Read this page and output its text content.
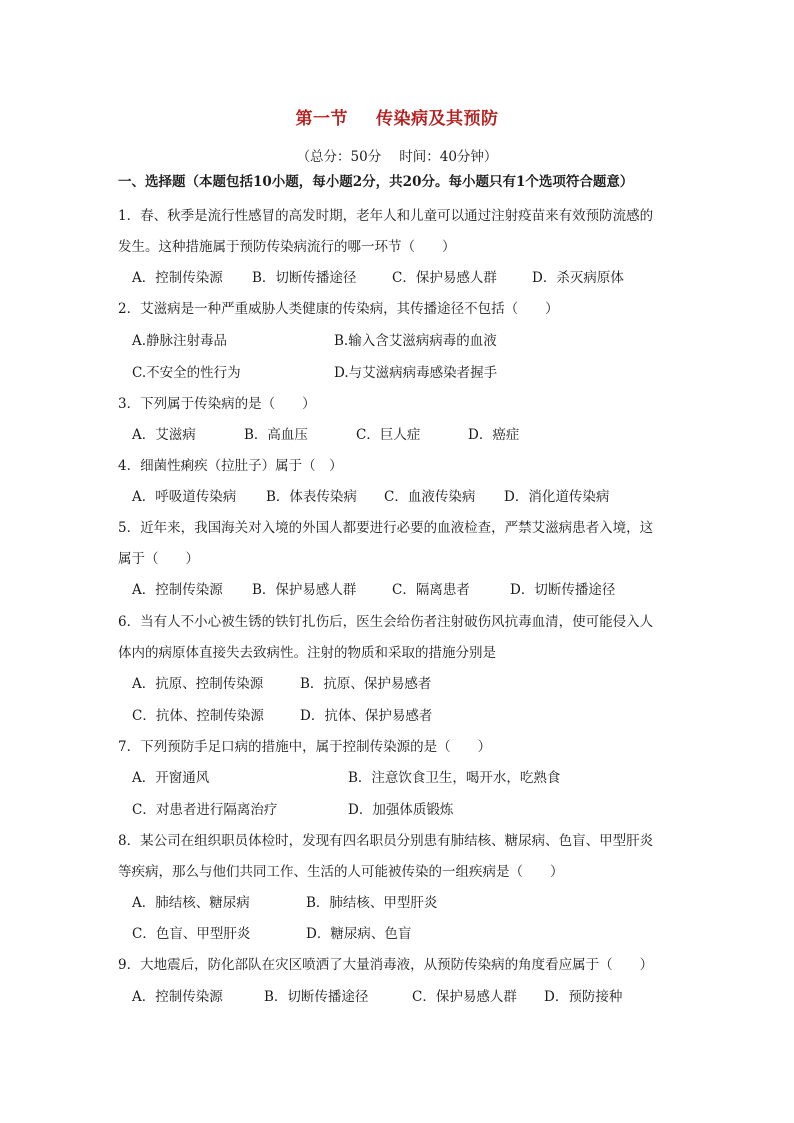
第一节 传染病及其预防
（总分：50分 时间：40分钟）
一、选择题（本题包括10小题，每小题2分，共20分。每小题只有1个选项符合题意）
1．春、秋季是流行性感冒的高发时期，老年人和儿童可以通过注射疫苗来有效预防流感的
发生。这种措施属于预防传染病流行的哪一环节（　　）
A．控制传染源 B．切断传播途径	C．保护易感人群	D．杀灭病原体
2．艾滋病是一种严重威胁人类健康的传染病，其传播途径不包括（　　）
A.静脉注射毒品	B.输入含艾滋病病毒的血液
C.不安全的性行为	D.与艾滋病病毒感染者握手
3．下列属于传染病的是（　　）
A．艾滋病	B．高血压	C．巨人症	D．癌症
4．细菌性痢疾（拉肚子）属于（　）
A．呼吸道传染病 B．体表传染病 C．血液传染病 D．消化道传染病
5．近年来，我国海关对入境的外国人都要进行必要的血液检查，严禁艾滋病患者入境，这
属于（　　）
A．控制传染源 B．保护易感人群	C．隔离患者	D．切断传播途径
6．当有人不小心被生锈的铁钉扎伤后，医生会给伤者注射破伤风抗毒血清，使可能侵入人
体内的病原体直接失去致病性。注射的物质和采取的措施分别是
A．抗原、控制传染源	B．抗原、保护易感者
C．抗体、控制传染源	D．抗体、保护易感者
7．下列预防手足口病的措施中，属于控制传染源的是（　　）
A．开窗通风	B．注意饮食卫生，喝开水，吃熟食
C．对患者进行隔离治疗	D．加强体质锻炼
8．某公司在组织职员体检时，发现有四名职员分别患有肺结核、糖尿病、色盲、甲型肝炎
等疾病，那么与他们共同工作、生活的人可能被传染的一组疾病是（　　）
A．肺结核、糖尿病	B．肺结核、甲型肝炎
C．色盲、甲型肝炎	D．糖尿病、色盲
9．大地震后，防化部队在灾区喷洒了大量消毒液，从预防传染病的角度看应属于（　　）
A．控制传染源	B．切断传播途径	C．保护易感人群 D．预防接种
